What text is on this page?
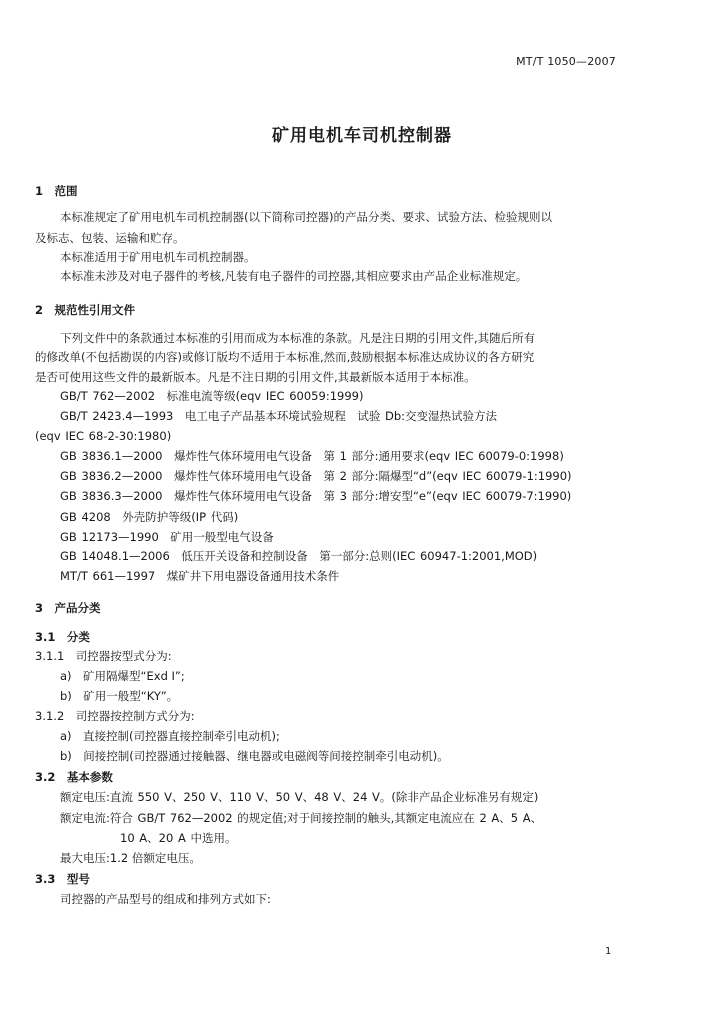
MT/T 1050—2007
矿用电机车司机控制器
1　范围
本标准规定了矿用电机车司机控制器(以下简称司控器)的产品分类、要求、试验方法、检验规则以
及标志、包装、运输和贮存。
本标准适用于矿用电机车司机控制器。
本标准未涉及对电子器件的考核,凡装有电子器件的司控器,其相应要求由产品企业标准规定。
2　规范性引用文件
下列文件中的条款通过本标准的引用而成为本标准的条款。凡是注日期的引用文件,其随后所有
的修改单(不包括勘误的内容)或修订版均不适用于本标准,然而,鼓励根据本标准达成协议的各方研究
是否可使用这些文件的最新版本。凡是不注日期的引用文件,其最新版本适用于本标准。
GB/T 762—2002　标准电流等级(eqv IEC 60059:1999)
GB/T 2423.4—1993　电工电子产品基本环境试验规程　试验 Db:交变湿热试验方法
(eqv IEC 68-2-30:1980)
GB 3836.1—2000　爆炸性气体环境用电气设备　第 1 部分:通用要求(eqv IEC 60079-0:1998)
GB 3836.2—2000　爆炸性气体环境用电气设备　第 2 部分:隔爆型“d”(eqv IEC 60079-1:1990)
GB 3836.3—2000　爆炸性气体环境用电气设备　第 3 部分:增安型“e”(eqv IEC 60079-7:1990)
GB 4208　外壳防护等级(IP 代码)
GB 12173—1990　矿用一般型电气设备
GB 14048.1—2006　低压开关设备和控制设备　第一部分:总则(IEC 60947-1:2001,MOD)
MT/T 661—1997　煤矿井下用电器设备通用技术条件
3　产品分类
3.1　分类
3.1.1　司控器按型式分为:
a)　矿用隔爆型“Exd I”;
b)　矿用一般型“KY”。
3.1.2　司控器按控制方式分为:
a)　直接控制(司控器直接控制牵引电动机);
b)　间接控制(司控器通过接触器、继电器或电磁阀等间接控制牵引电动机)。
3.2　基本参数
额定电压:直流 550 V、250 V、110 V、50 V、48 V、24 V。(除非产品企业标准另有规定)
额定电流:符合 GB/T 762—2002 的规定值;对于间接控制的触头,其额定电流应在 2 A、5 A、
10 A、20 A 中选用。
最大电压:1.2 倍额定电压。
3.3　型号
司控器的产品型号的组成和排列方式如下:
1
